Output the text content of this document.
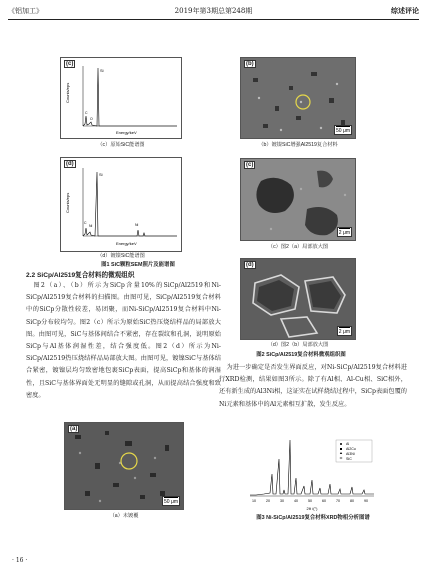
《铝加工》	2019年第3期总第248期	综述评论
(c)
Counts/eps
Energy/keV
Si
O
C
（c）原始SiC能谱图
(d)
Counts/eps
Energy/keV
Si
Ni	Ni
C
（d）镀镍SiC能谱图
图1 SiC颗粒SEM照片及能谱图
2.2 SiCp/Al2519复合材料的微观组织
图2（a）、（b）所示为SiCp含量10%的SiCp/Al2519和Ni-SiCp/Al2519复合材料的扫描图。由图可见，SiCp/Al2519复合材料中的SiCp分散性较差，易团聚，而Ni-SiCp/Al2519复合材料中Ni-SiCp分布较均匀。图2（c）所示为原始SiC热压烧结样品的局部放大图。由图可见，SiC与基体间结合不紧密，存在裂纹和孔洞，说明原始SiCp与Al基体润湿性差，结合强度低。图2（d）所示为Ni-SiCp/Al2519热压烧结样品局部放大图。由图可见，镀镍SiC与基体结合紧密，镀镍层均匀致密地包裹SiCp表面，提高SiCp和基体的润湿性，且SiC与基体界面处无明显的缝隙或孔洞，从而提高结合强度和致密度。
(a)
50 μm
（a）未镀覆
(b)
50 μm
（b）镀镍SiC增强Al2519复合材料
(c)
2 μm
（c）图2（a）局部放大图
(d)
2 μm
（d）图2（b）局部放大图
图2 SiCp/Al2519复合材料微观组织图
为进一步确定是否发生界面反应，对Ni-SiCp/Al2519复合材料进行XRD检测，结果如图3所示。除了有Al相、Al-Cu相、SiC相外，还有新生成的Al3Ni相，这证实在试样烧结过程中，SiCp表面包覆的Ni元素和基体中的Al元素相互扩散，发生反应。
Al
Al2Cu
Al3Ni
SiC
10	20	30	40	50	60	70	80	90
2θ /(°)
图3 Ni-SiCp/Al2519复合材料XRD物相分析图谱
· 16 ·
